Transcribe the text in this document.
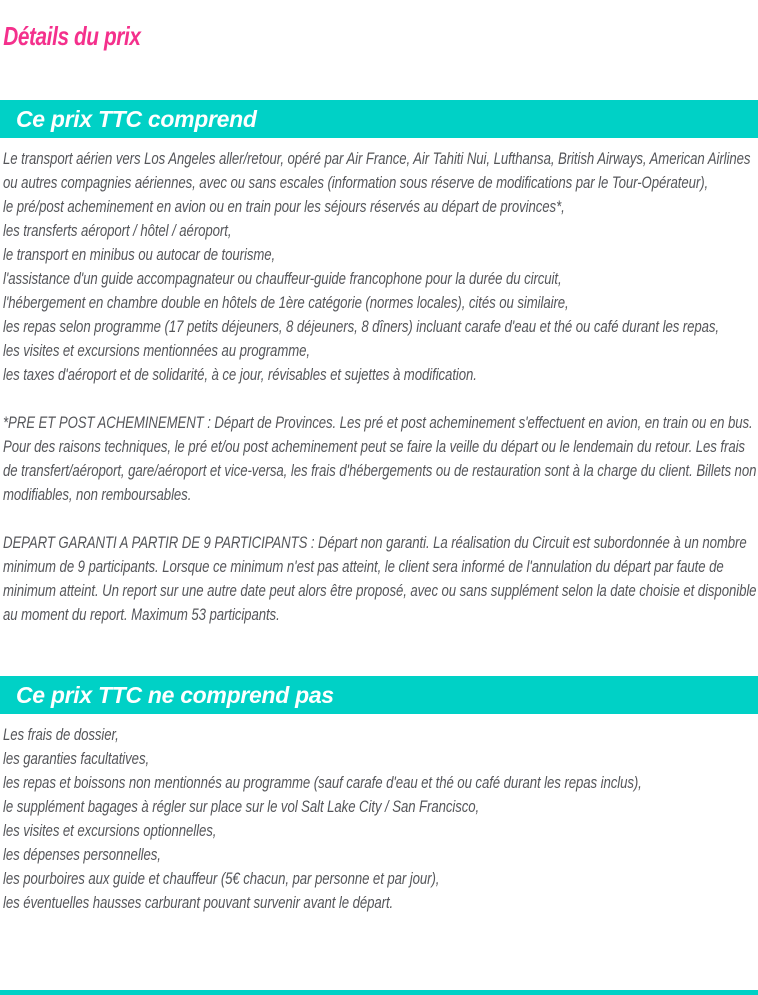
Détails du prix
Ce prix TTC comprend

Le transport aérien vers Los Angeles aller/retour, opéré par Air France, Air Tahiti Nui, Lufthansa, British Airways, American Airlines ou autres compagnies aériennes, avec ou sans escales (information sous réserve de modifications par le Tour-Opérateur),

le pré/post acheminement en avion ou en train pour les séjours réservés au départ de provinces*,

les transferts aéroport / hôtel / aéroport,

le transport en minibus ou autocar de tourisme,

l'assistance d'un guide accompagnateur ou chauffeur-guide francophone pour la durée du circuit,

l'hébergement en chambre double en hôtels de 1ère catégorie (normes locales), cités ou similaire,

les repas selon programme (17 petits déjeuners, 8 déjeuners, 8 dîners) incluant carafe d'eau et thé ou café durant les repas,

les visites et excursions mentionnées au programme,

les taxes d'aéroport et de solidarité, à ce jour, révisables et sujettes à modification.

*PRE ET POST ACHEMINEMENT : Départ de Provinces. Les pré et post acheminement s'effectuent en avion, en train ou en bus. Pour des raisons techniques, le pré et/ou post acheminement peut se faire la veille du départ ou le lendemain du retour. Les frais de transfert/aéroport, gare/aéroport et vice-versa, les frais d'hébergements ou de restauration sont à la charge du client. Billets non modifiables, non remboursables.

DEPART GARANTI A PARTIR DE 9 PARTICIPANTS : Départ non garanti. La réalisation du Circuit est subordonnée à un nombre minimum de 9 participants. Lorsque ce minimum n'est pas atteint, le client sera informé de l'annulation du départ par faute de minimum atteint. Un report sur une autre date peut alors être proposé, avec ou sans supplément selon la date choisie et disponible au moment du report. Maximum 53 participants.

Ce prix TTC ne comprend pas

Les frais de dossier,

les garanties facultatives,

les repas et boissons non mentionnés au programme (sauf carafe d'eau et thé ou café durant les repas inclus),

le supplément bagages à régler sur place sur le vol Salt Lake City / San Francisco,

les visites et excursions optionnelles,

les dépenses personnelles,

les pourboires aux guide et chauffeur (5€ chacun, par personne et par jour),

les éventuelles hausses carburant pouvant survenir avant le départ.
